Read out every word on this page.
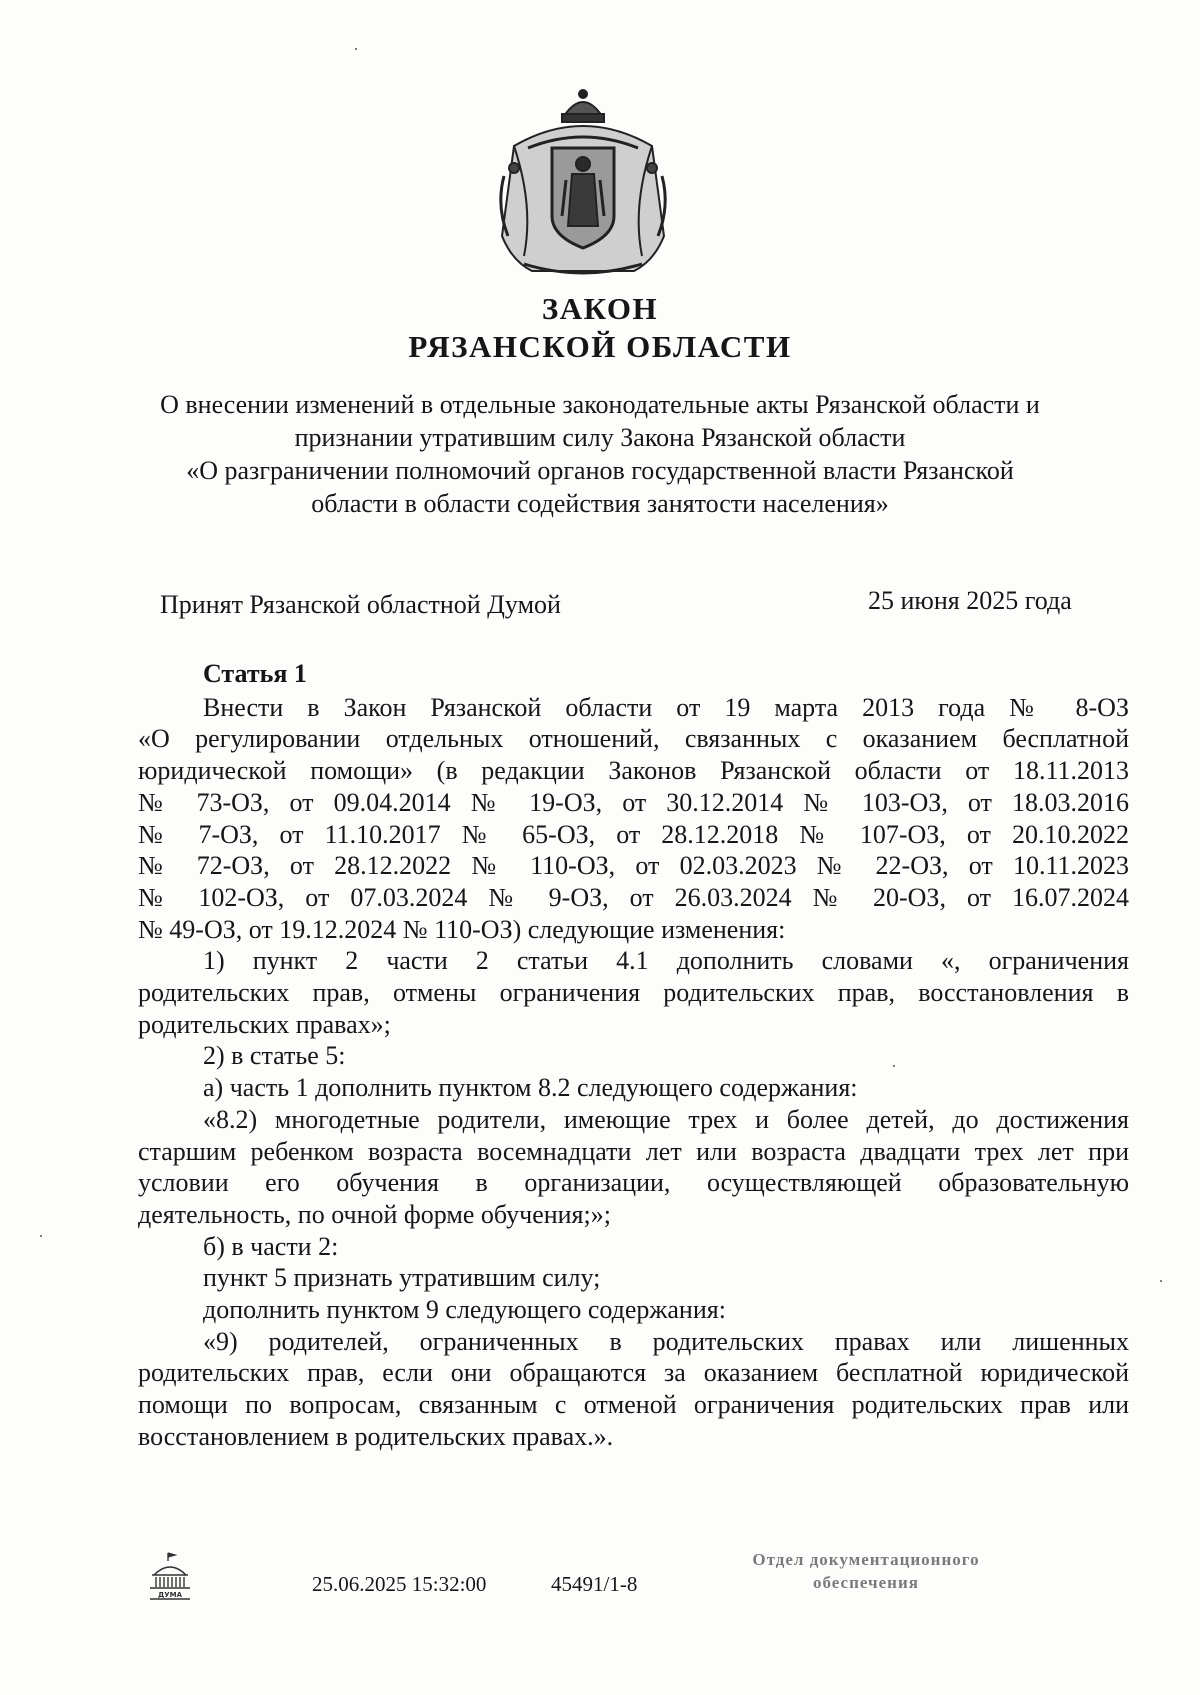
ЗАКОН
РЯЗАНСКОЙ ОБЛАСТИ
О внесении изменений в отдельные законодательные акты Рязанской области и
признании утратившим силу Закона Рязанской области
«О разграничении полномочий органов государственной власти Рязанской
области в области содействия занятости населения»
Принят Рязанской областной Думой	25 июня 2025 года

Статья 1

Внести в Закон Рязанской области от 19 марта 2013 года № 8-ОЗ

«О регулировании отдельных отношений, связанных с оказанием бесплатной

юридической помощи» (в редакции Законов Рязанской области от 18.11.2013

№ 73-ОЗ, от 09.04.2014 № 19-ОЗ, от 30.12.2014 № 103-ОЗ, от 18.03.2016

№ 7-ОЗ, от 11.10.2017 № 65-ОЗ, от 28.12.2018 № 107-ОЗ, от 20.10.2022

№ 72-ОЗ, от 28.12.2022 № 110-ОЗ, от 02.03.2023 № 22-ОЗ, от 10.11.2023

№ 102-ОЗ, от 07.03.2024 № 9-ОЗ, от 26.03.2024 № 20-ОЗ, от 16.07.2024

№ 49-ОЗ, от 19.12.2024 № 110-ОЗ) следующие изменения:

1) пункт 2 части 2 статьи 4.1 дополнить словами «, ограничения

родительских прав, отмены ограничения родительских прав, восстановления в

родительских правах»;

2) в статье 5:

а) часть 1 дополнить пунктом 8.2 следующего содержания:

«8.2) многодетные родители, имеющие трех и более детей, до достижения

старшим ребенком возраста восемнадцати лет или возраста двадцати трех лет при

условии его обучения в организации, осуществляющей образовательную

деятельность, по очной форме обучения;»;

б) в части 2:

пункт 5 признать утратившим силу;

дополнить пунктом 9 следующего содержания:

«9) родителей, ограниченных в родительских правах или лишенных

родительских прав, если они обращаются за оказанием бесплатной юридической

помощи по вопросам, связанным с отменой ограничения родительских прав или

восстановлением в родительских правах.».

ДУМА	25.06.2025 15:32:00	45491/1-8
Отдел документационного
обеспечения
